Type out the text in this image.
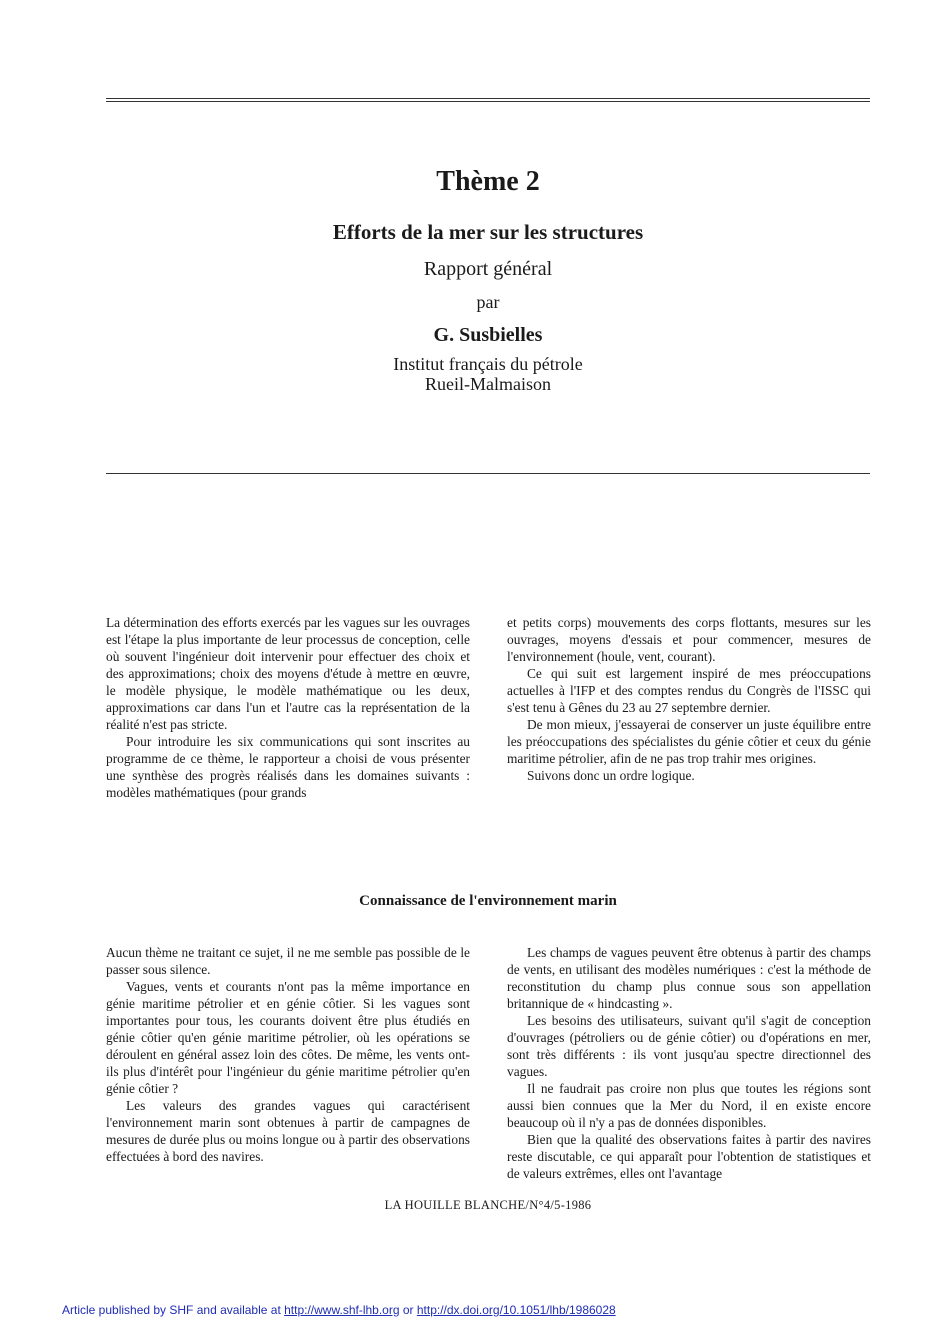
Thème 2
Efforts de la mer sur les structures
Rapport général
par
G. Susbielles
Institut français du pétrole
Rueil-Malmaison

La détermination des efforts exercés par les vagues sur les ouvrages est l'étape la plus importante de leur processus de conception, celle où souvent l'ingénieur doit intervenir pour effectuer des choix et des approximations; choix des moyens d'étude à mettre en œuvre, le modèle physique, le modèle mathématique ou les deux, approximations car dans l'un et l'autre cas la représentation de la réalité n'est pas stricte.

Pour introduire les six communications qui sont inscrites au programme de ce thème, le rapporteur a choisi de vous présenter une synthèse des progrès réalisés dans les domaines suivants : modèles mathématiques (pour grands

et petits corps) mouvements des corps flottants, mesures sur les ouvrages, moyens d'essais et pour commencer, mesures de l'environnement (houle, vent, courant).

Ce qui suit est largement inspiré de mes préoccupations actuelles à l'IFP et des comptes rendus du Congrès de l'ISSC qui s'est tenu à Gênes du 23 au 27 septembre dernier.

De mon mieux, j'essayerai de conserver un juste équilibre entre les préoccupations des spécialistes du génie côtier et ceux du génie maritime pétrolier, afin de ne pas trop trahir mes origines.

Suivons donc un ordre logique.

Connaissance de l'environnement marin

Aucun thème ne traitant ce sujet, il ne me semble pas possible de le passer sous silence.

Vagues, vents et courants n'ont pas la même importance en génie maritime pétrolier et en génie côtier. Si les vagues sont importantes pour tous, les courants doivent être plus étudiés en génie côtier qu'en génie maritime pétrolier, où les opérations se déroulent en général assez loin des côtes. De même, les vents ont-ils plus d'intérêt pour l'ingénieur du génie maritime pétrolier qu'en génie côtier ?

Les valeurs des grandes vagues qui caractérisent l'environnement marin sont obtenues à partir de campagnes de mesures de durée plus ou moins longue ou à partir des observations effectuées à bord des navires.

Les champs de vagues peuvent être obtenus à partir des champs de vents, en utilisant des modèles numériques : c'est la méthode de reconstitution du champ plus connue sous son appellation britannique de « hindcasting ».

Les besoins des utilisateurs, suivant qu'il s'agit de conception d'ouvrages (pétroliers ou de génie côtier) ou d'opérations en mer, sont très différents : ils vont jusqu'au spectre directionnel des vagues.

Il ne faudrait pas croire non plus que toutes les régions sont aussi bien connues que la Mer du Nord, il en existe encore beaucoup où il n'y a pas de données disponibles.

Bien que la qualité des observations faites à partir des navires reste discutable, ce qui apparaît pour l'obtention de statistiques et de valeurs extrêmes, elles ont l'avantage

LA HOUILLE BLANCHE/N°4/5-1986
Article published by SHF and available at http://www.shf-lhb.org or http://dx.doi.org/10.1051/lhb/1986028
